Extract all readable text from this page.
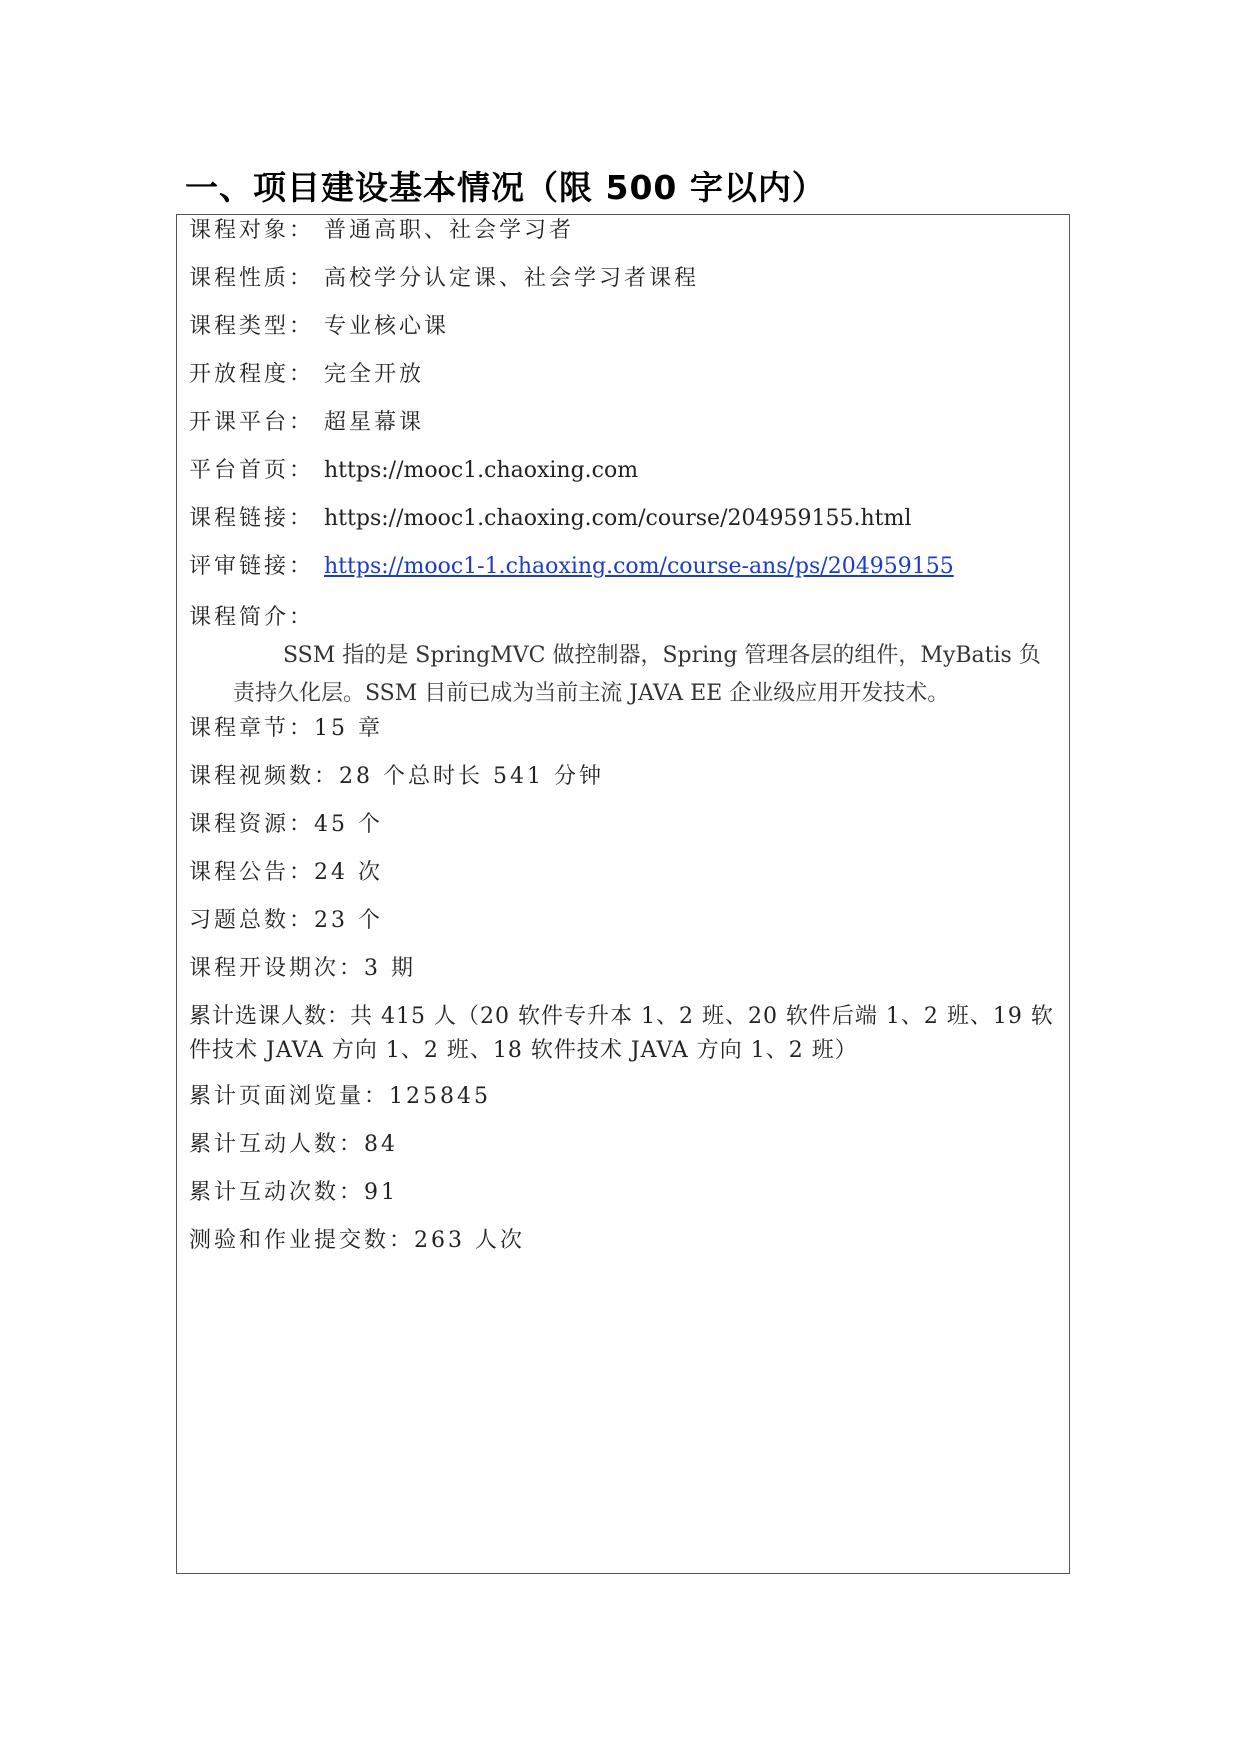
一、项目建设基本情况（限 500 字以内）
课程对象： 普通高职、社会学习者
课程性质： 高校学分认定课、社会学习者课程
课程类型： 专业核心课
开放程度： 完全开放
开课平台： 超星幕课
平台首页： https://mooc1.chaoxing.com
课程链接： https://mooc1.chaoxing.com/course/204959155.html
评审链接： https://mooc1-1.chaoxing.com/course-ans/ps/204959155
课程简介：
SSM 指的是 SpringMVC 做控制器，Spring 管理各层的组件，MyBatis 负
责持久化层。SSM 目前已成为当前主流 JAVA EE 企业级应用开发技术。
课程章节：15 章
课程视频数：28 个总时长 541 分钟
课程资源：45 个
课程公告：24 次
习题总数：23 个
课程开设期次：3 期
累计选课人数：共 415 人（20 软件专升本 1、2 班、20 软件后端 1、2 班、19 软
件技术 JAVA 方向 1、2 班、18 软件技术 JAVA 方向 1、2 班）
累计页面浏览量：125845
累计互动人数：84
累计互动次数：91
测验和作业提交数：263 人次
